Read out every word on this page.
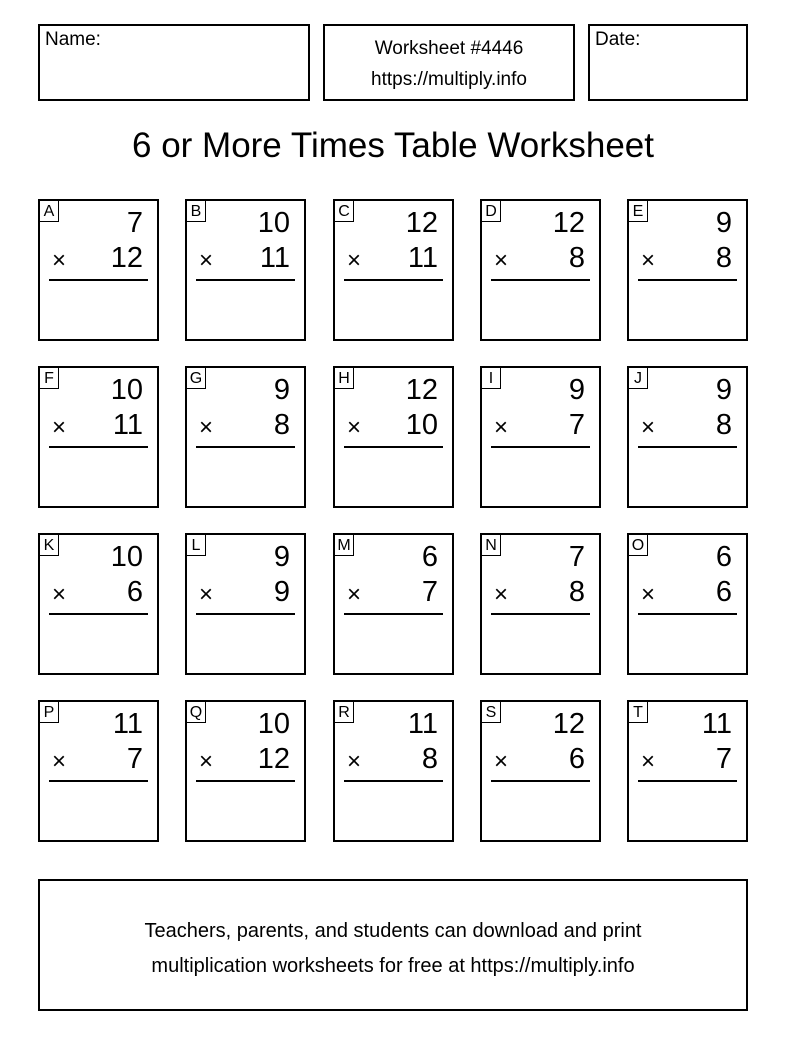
Name:	Worksheet #4446
https://multiply.info
Date:
6 or More Times Table Worksheet
A	7
× 12
B 10
× 11
C 12
× 11
D 12
× 8
E	9
× 8
F 10
× 11
G 9
× 8
H 12
× 10
I	9
× 7
J	9
× 8
K 10
× 6
L	9
× 9
M 6
× 7
N 7
× 8
O 6
× 6
P 11
× 7
Q 10
× 12
R 11
× 8
S 12
× 6
T 11
× 7
Teachers, parents, and students can download and print
multiplication worksheets for free at https://multiply.info
